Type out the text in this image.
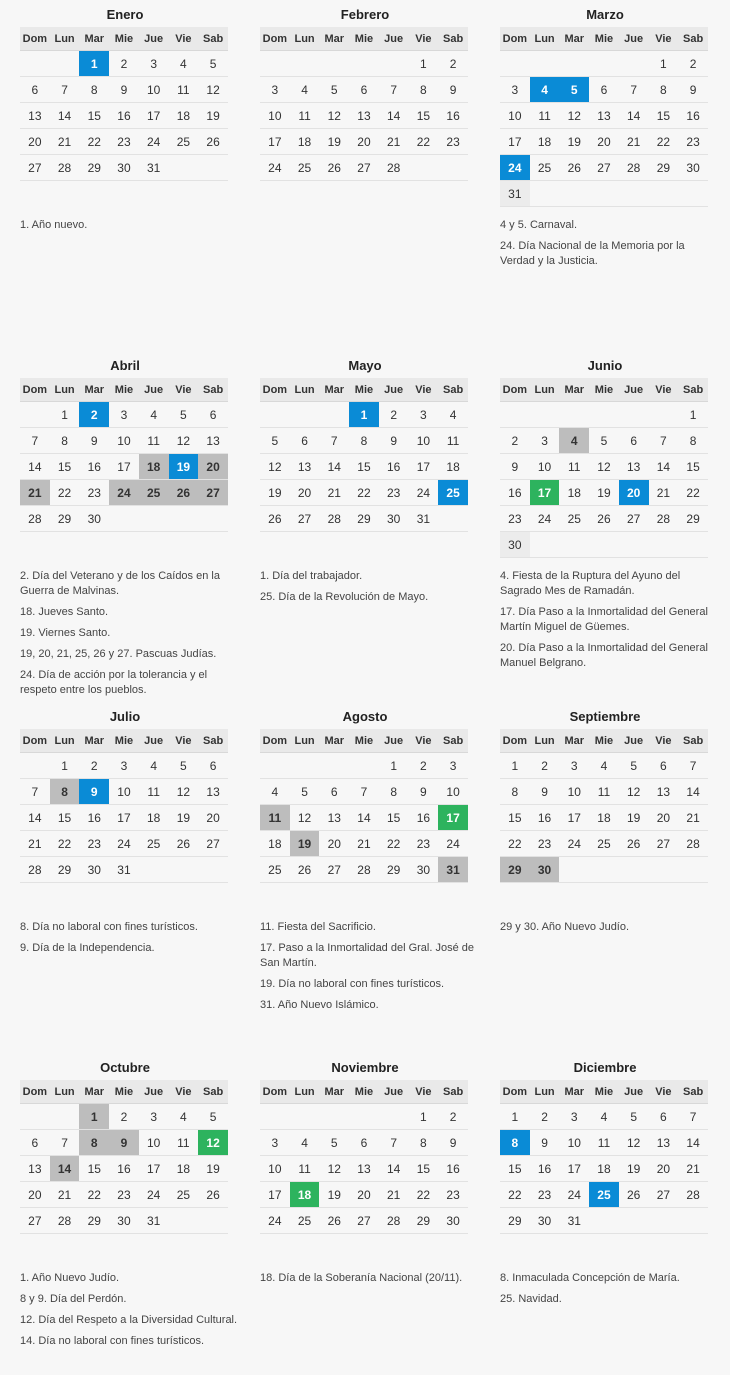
Enero
Dom	Lun	Mar	Mie	Jue	Vie	Sab
		1	2	3	4	5
6	7	8	9	10	11	12
13	14	15	16	17	18	19
20	21	22	23	24	25	26
27	28	29	30	31		

1. Año nuevo.

Febrero
Dom	Lun	Mar	Mie	Jue	Vie	Sab
					1	2
3	4	5	6	7	8	9
10	11	12	13	14	15	16
17	18	19	20	21	22	23
24	25	26	27	28		
Marzo
Dom	Lun	Mar	Mie	Jue	Vie	Sab
					1	2
3	4	5	6	7	8	9
10	11	12	13	14	15	16
17	18	19	20	21	22	23
24	25	26	27	28	29	30
31						

4 y 5. Carnaval.

24. Día Nacional de la Memoria por la Verdad y la Justicia.

Abril
Dom	Lun	Mar	Mie	Jue	Vie	Sab
	1	2	3	4	5	6
7	8	9	10	11	12	13
14	15	16	17	18	19	20
21	22	23	24	25	26	27
28	29	30				

2. Día del Veterano y de los Caídos en la Guerra de Malvinas.

18. Jueves Santo.

19. Viernes Santo.

19, 20, 21, 25, 26 y 27. Pascuas Judías.

24. Día de acción por la tolerancia y el respeto entre los pueblos.

Mayo
Dom	Lun	Mar	Mie	Jue	Vie	Sab
			1	2	3	4
5	6	7	8	9	10	11
12	13	14	15	16	17	18
19	20	21	22	23	24	25
26	27	28	29	30	31	

1. Día del trabajador.

25. Día de la Revolución de Mayo.

Junio
Dom	Lun	Mar	Mie	Jue	Vie	Sab
						1
2	3	4	5	6	7	8
9	10	11	12	13	14	15
16	17	18	19	20	21	22
23	24	25	26	27	28	29
30						

4. Fiesta de la Ruptura del Ayuno del Sagrado Mes de Ramadán.

17. Día Paso a la Inmortalidad del General Martín Miguel de Güemes.

20. Día Paso a la Inmortalidad del General Manuel Belgrano.

Julio
Dom	Lun	Mar	Mie	Jue	Vie	Sab
	1	2	3	4	5	6
7	8	9	10	11	12	13
14	15	16	17	18	19	20
21	22	23	24	25	26	27
28	29	30	31			

8. Día no laboral con fines turísticos.

9. Día de la Independencia.

Agosto
Dom	Lun	Mar	Mie	Jue	Vie	Sab
				1	2	3
4	5	6	7	8	9	10
11	12	13	14	15	16	17
18	19	20	21	22	23	24
25	26	27	28	29	30	31

11. Fiesta del Sacrificio.

17. Paso a la Inmortalidad del Gral. José de San Martín.

19. Día no laboral con fines turísticos.

31. Año Nuevo Islámico.

Septiembre
Dom	Lun	Mar	Mie	Jue	Vie	Sab
1	2	3	4	5	6	7
8	9	10	11	12	13	14
15	16	17	18	19	20	21
22	23	24	25	26	27	28
29	30					

29 y 30. Año Nuevo Judío.

Octubre
Dom	Lun	Mar	Mie	Jue	Vie	Sab
		1	2	3	4	5
6	7	8	9	10	11	12
13	14	15	16	17	18	19
20	21	22	23	24	25	26
27	28	29	30	31		

1. Año Nuevo Judío.

8 y 9. Día del Perdón.

12. Día del Respeto a la Diversidad Cultural.

14. Día no laboral con fines turísticos.

Noviembre
Dom	Lun	Mar	Mie	Jue	Vie	Sab
					1	2
3	4	5	6	7	8	9
10	11	12	13	14	15	16
17	18	19	20	21	22	23
24	25	26	27	28	29	30

18. Día de la Soberanía Nacional (20/11).

Diciembre
Dom	Lun	Mar	Mie	Jue	Vie	Sab
1	2	3	4	5	6	7
8	9	10	11	12	13	14
15	16	17	18	19	20	21
22	23	24	25	26	27	28
29	30	31				

8. Inmaculada Concepción de María.

25. Navidad.
